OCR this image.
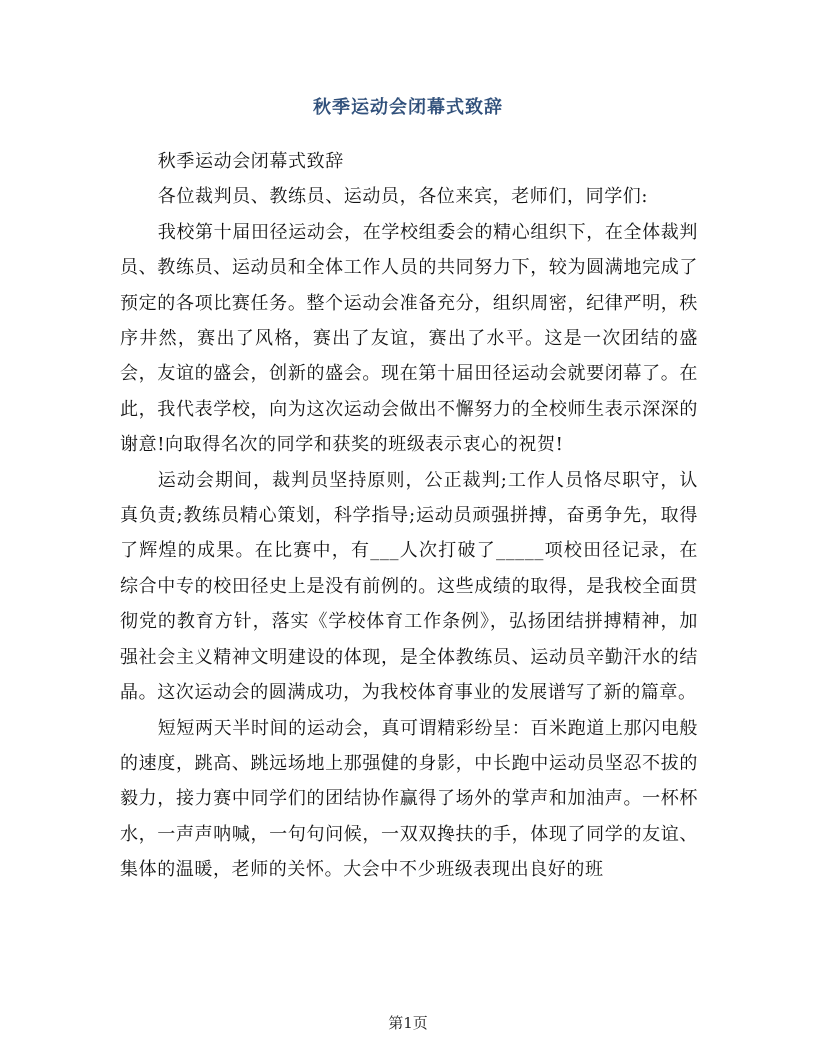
秋季运动会闭幕式致辞

秋季运动会闭幕式致辞

各位裁判员、教练员、运动员，各位来宾，老师们，同学们:

我校第十届田径运动会，在学校组委会的精心组织下，在全体裁判员、教练员、运动员和全体工作人员的共同努力下，较为圆满地完成了预定的各项比赛任务。整个运动会准备充分，组织周密，纪律严明，秩序井然，赛出了风格，赛出了友谊，赛出了水平。这是一次团结的盛会，友谊的盛会，创新的盛会。现在第十届田径运动会就要闭幕了。在此，我代表学校，向为这次运动会做出不懈努力的全校师生表示深深的谢意!向取得名次的同学和获奖的班级表示衷心的祝贺!

运动会期间，裁判员坚持原则，公正裁判;工作人员恪尽职守，认真负责;教练员精心策划，科学指导;运动员顽强拼搏，奋勇争先，取得了辉煌的成果。在比赛中，有___人次打破了_____项校田径记录，在综合中专的校田径史上是没有前例的。这些成绩的取得，是我校全面贯彻党的教育方针，落实《学校体育工作条例》，弘扬团结拼搏精神，加强社会主义精神文明建设的体现，是全体教练员、运动员辛勤汗水的结晶。这次运动会的圆满成功，为我校体育事业的发展谱写了新的篇章。

短短两天半时间的运动会，真可谓精彩纷呈：百米跑道上那闪电般的速度，跳高、跳远场地上那强健的身影，中长跑中运动员坚忍不拔的毅力，接力赛中同学们的团结协作赢得了场外的掌声和加油声。一杯杯水，一声声呐喊，一句句问候，一双双搀扶的手，体现了同学的友谊、集体的温暖，老师的关怀。大会中不少班级表现出良好的班

第1页
